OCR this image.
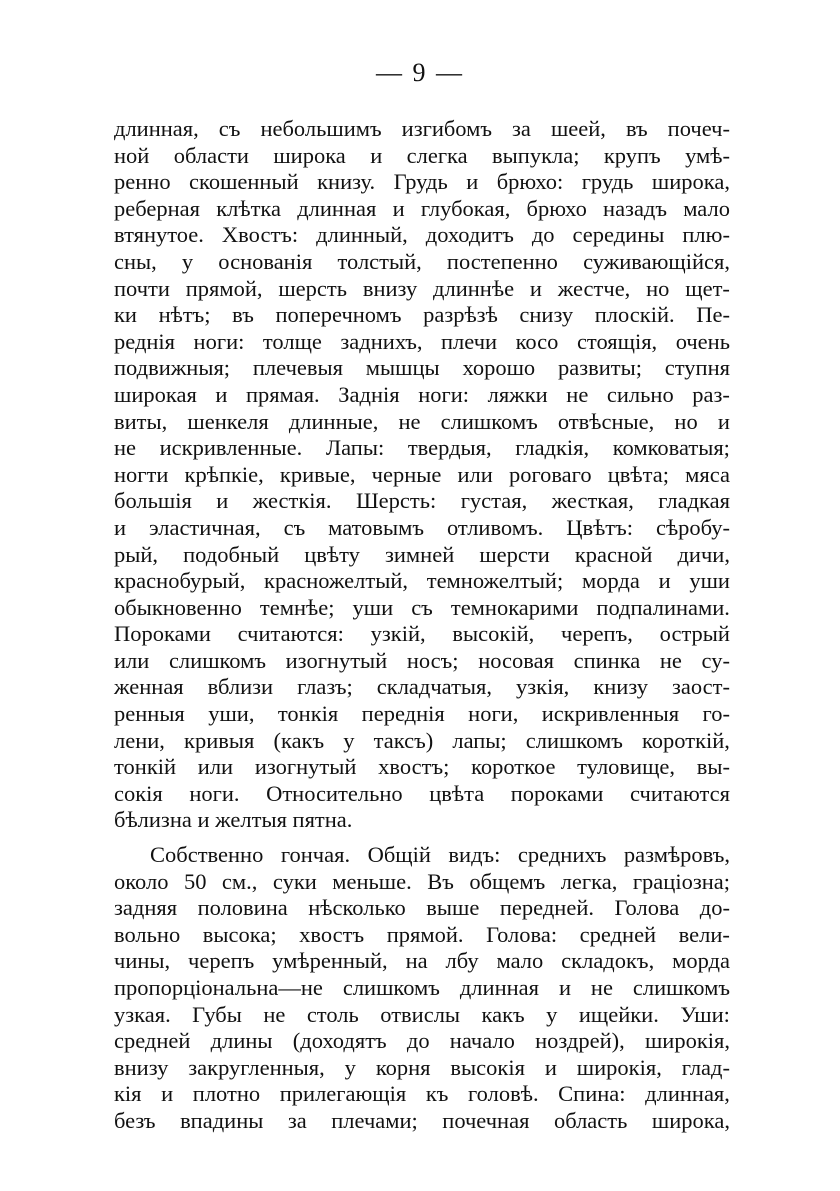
— 9 —
длинная, съ небольшимъ изгибомъ за шеей, въ почеч-
ной области широка и слегка выпукла; крупъ умѣ-
ренно скошенный книзу. Грудь и брюхо: грудь широка,
реберная клѣтка длинная и глубокая, брюхо назадъ мало
втянутое. Хвостъ: длинный, доходитъ до середины плю-
сны, у основанія толстый, постепенно суживающійся,
почти прямой, шерсть внизу длиннѣе и жестче, но щет-
ки нѣтъ; въ поперечномъ разрѣзѣ снизу плоскій. Пе-
реднія ноги: толще заднихъ, плечи косо стоящія, очень
подвижныя; плечевыя мышцы хорошо развиты; ступня
широкая и прямая. Заднія ноги: ляжки не сильно раз-
виты, шенкеля длинные, не слишкомъ отвѣсные, но и
не искривленные. Лапы: твердыя, гладкія, комковатыя;
ногти крѣпкіе, кривые, черные или роговаго цвѣта; мяса
большія и жесткія. Шерсть: густая, жесткая, гладкая
и эластичная, съ матовымъ отливомъ. Цвѣтъ: сѣробу-
рый, подобный цвѣту зимней шерсти красной дичи,
краснобурый, красножелтый, темножелтый; морда и уши
обыкновенно темнѣе; уши съ темнокарими подпалинами.
Пороками считаются: узкій, высокій, черепъ, острый
или слишкомъ изогнутый носъ; носовая спинка не су-
женная вблизи глазъ; складчатыя, узкія, книзу заост-
ренныя уши, тонкія переднія ноги, искривленныя го-
лени, кривыя (какъ у таксъ) лапы; слишкомъ короткій,
тонкій или изогнутый хвостъ; короткое туловище, вы-
сокія ноги. Относительно цвѣта пороками считаются
бѣлизна
и
желтыя
пятна.
Собственно гончая. Общій видъ: среднихъ размѣровъ,
около 50 см., суки меньше. Въ общемъ легка, граціозна;
задняя половина нѣсколько выше передней. Голова до-
вольно высока; хвостъ прямой. Голова: средней вели-
чины, черепъ умѣренный, на лбу мало складокъ, морда
пропорціональна—не слишкомъ длинная и не слишкомъ
узкая. Губы не столь отвислы какъ у ищейки. Уши:
средней длины (доходятъ до начало ноздрей), широкія,
внизу закругленныя, у корня высокія и широкія, глад-
кія и плотно прилегающія къ головѣ. Спина: длинная,
безъ впадины за плечами; почечная область широка,
